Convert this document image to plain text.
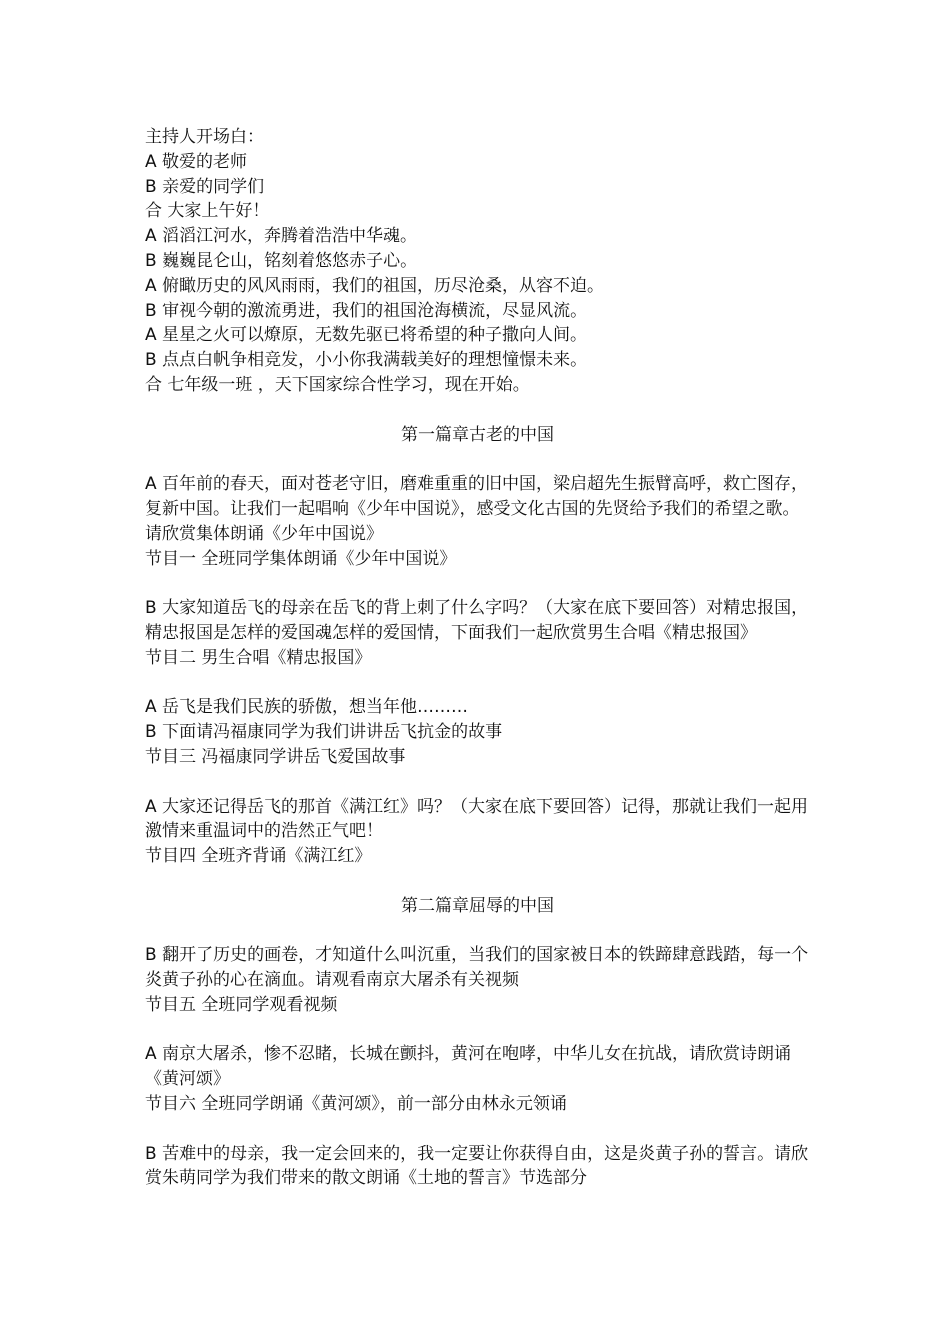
主持人开场白：
A 敬爱的老师
B 亲爱的同学们
合 大家上午好！
A 滔滔江河水，奔腾着浩浩中华魂。
B 巍巍昆仑山，铭刻着悠悠赤子心。
A 俯瞰历史的风风雨雨，我们的祖国，历尽沧桑，从容不迫。
B 审视今朝的激流勇进，我们的祖国沧海横流，尽显风流。
A 星星之火可以燎原，无数先驱已将希望的种子撒向人间。
B 点点白帆争相竞发，小小你我满载美好的理想憧憬未来。
合 七年级一班 ，天下国家综合性学习，现在开始。
第一篇章古老的中国
A 百年前的春天，面对苍老守旧，磨难重重的旧中国，梁启超先生振臂高呼，救亡图存，复新中国。让我们一起唱响《少年中国说》，感受文化古国的先贤给予我们的希望之歌。请欣赏集体朗诵《少年中国说》
节目一 全班同学集体朗诵《少年中国说》
B 大家知道岳飞的母亲在岳飞的背上刺了什么字吗？（大家在底下要回答）对精忠报国，精忠报国是怎样的爱国魂怎样的爱国情，下面我们一起欣赏男生合唱《精忠报国》
节目二 男生合唱《精忠报国》
A 岳飞是我们民族的骄傲，想当年他………
B 下面请冯福康同学为我们讲讲岳飞抗金的故事
节目三 冯福康同学讲岳飞爱国故事
A 大家还记得岳飞的那首《满江红》吗？（大家在底下要回答）记得，那就让我们一起用激情来重温词中的浩然正气吧！
节目四 全班齐背诵《满江红》
第二篇章屈辱的中国
B 翻开了历史的画卷，才知道什么叫沉重，当我们的国家被日本的铁蹄肆意践踏，每一个炎黄子孙的心在滴血。请观看南京大屠杀有关视频
节目五 全班同学观看视频
A 南京大屠杀，惨不忍睹，长城在颤抖，黄河在咆哮，中华儿女在抗战，请欣赏诗朗诵《黄河颂》
节目六 全班同学朗诵《黄河颂》，前一部分由林永元领诵
B 苦难中的母亲，我一定会回来的，我一定要让你获得自由，这是炎黄子孙的誓言。请欣赏朱萌同学为我们带来的散文朗诵《土地的誓言》节选部分
